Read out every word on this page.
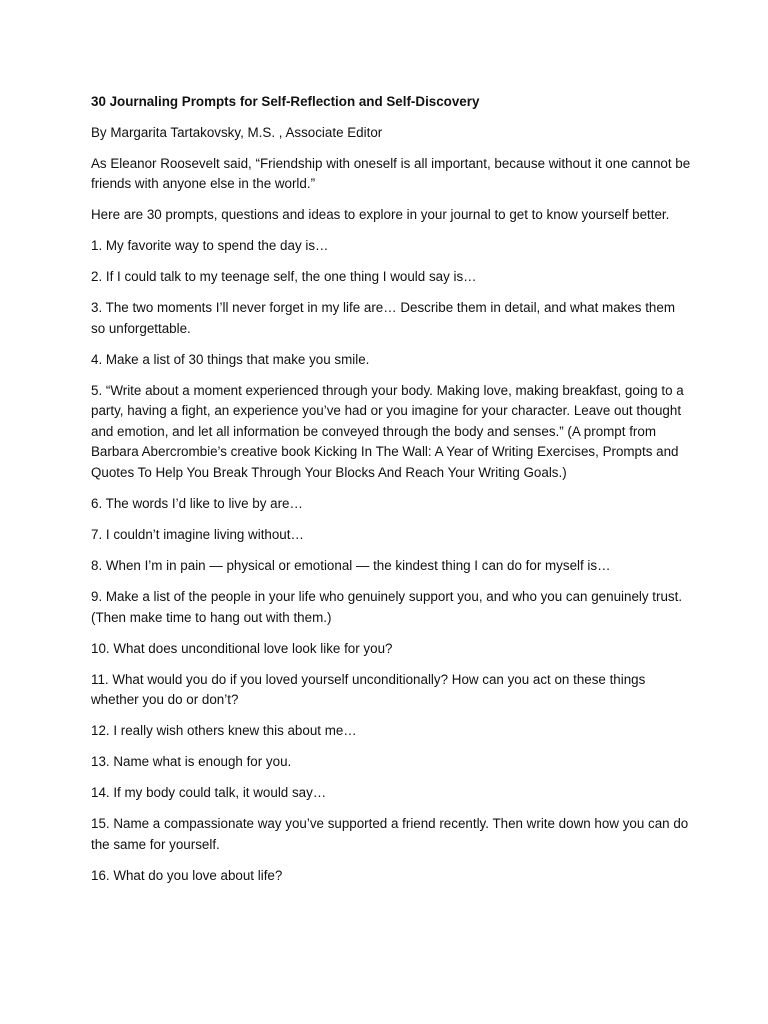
30 Journaling Prompts for Self-Reflection and Self-Discovery
By Margarita Tartakovsky, M.S. , Associate Editor
As Eleanor Roosevelt said, “Friendship with oneself is all important, because without it one cannot be friends with anyone else in the world.”
Here are 30 prompts, questions and ideas to explore in your journal to get to know yourself better.
1. My favorite way to spend the day is…
2. If I could talk to my teenage self, the one thing I would say is…
3. The two moments I’ll never forget in my life are… Describe them in detail, and what makes them so unforgettable.
4. Make a list of 30 things that make you smile.
5. “Write about a moment experienced through your body. Making love, making breakfast, going to a party, having a fight, an experience you’ve had or you imagine for your character. Leave out thought and emotion, and let all information be conveyed through the body and senses.” (A prompt from Barbara Abercrombie’s creative book Kicking In The Wall: A Year of Writing Exercises, Prompts and Quotes To Help You Break Through Your Blocks And Reach Your Writing Goals.)
6. The words I’d like to live by are…
7. I couldn’t imagine living without…
8. When I’m in pain — physical or emotional — the kindest thing I can do for myself is…
9. Make a list of the people in your life who genuinely support you, and who you can genuinely trust. (Then make time to hang out with them.)
10. What does unconditional love look like for you?
11. What would you do if you loved yourself unconditionally? How can you act on these things whether you do or don’t?
12. I really wish others knew this about me…
13. Name what is enough for you.
14. If my body could talk, it would say…
15. Name a compassionate way you’ve supported a friend recently. Then write down how you can do the same for yourself.
16. What do you love about life?
